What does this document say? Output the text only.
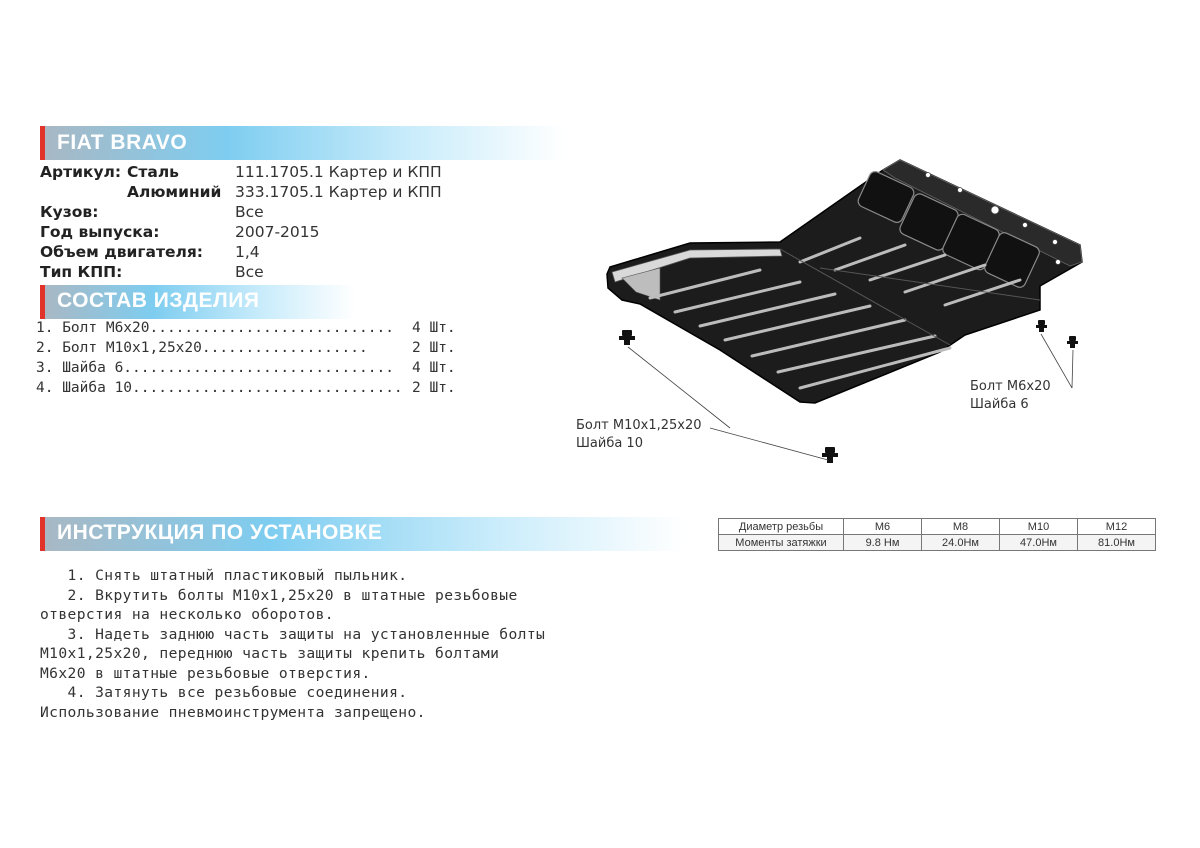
FIAT BRAVO
Артикул: Сталь	111.1705.1 Картер и КПП
Алюминий 333.1705.1 Картер и КПП
Кузов:	Все
Год выпуска:	2007-2015
Объем двигателя: 1,4
Тип КПП:	Все
СОСТАВ ИЗДЕЛИЯ
1. Болт М6х20............................ 4 Шт.
2. Болт М10х1,25х20...................	2 Шт.
3. Шайба 6............................... 4 Шт.
4. Шайба 10............................... 2 Шт.
ИНСТРУКЦИЯ ПО УСТАНОВКЕ

1. Снять штатный пластиковый пыльник.

2. Вкрутить болты М10х1,25х20 в штатные резьбовые

отверстия на несколько оборотов.

3. Надеть заднюю часть защиты на установленные болты

М10х1,25х20, переднюю часть защиты крепить болтами

М6х20 в штатные резьбовые отверстия.

4. Затянуть все резьбовые соединения.

Использование пневмоинструмента запрещено.

Болт М10х1,25х20
Шайба 10
Болт М6х20
Шайба 6
Диаметр резьбы	М6	М8	М10	М12
Моменты затяжки	9.8 Нм	24.0Нм	47.0Нм	81.0Нм
